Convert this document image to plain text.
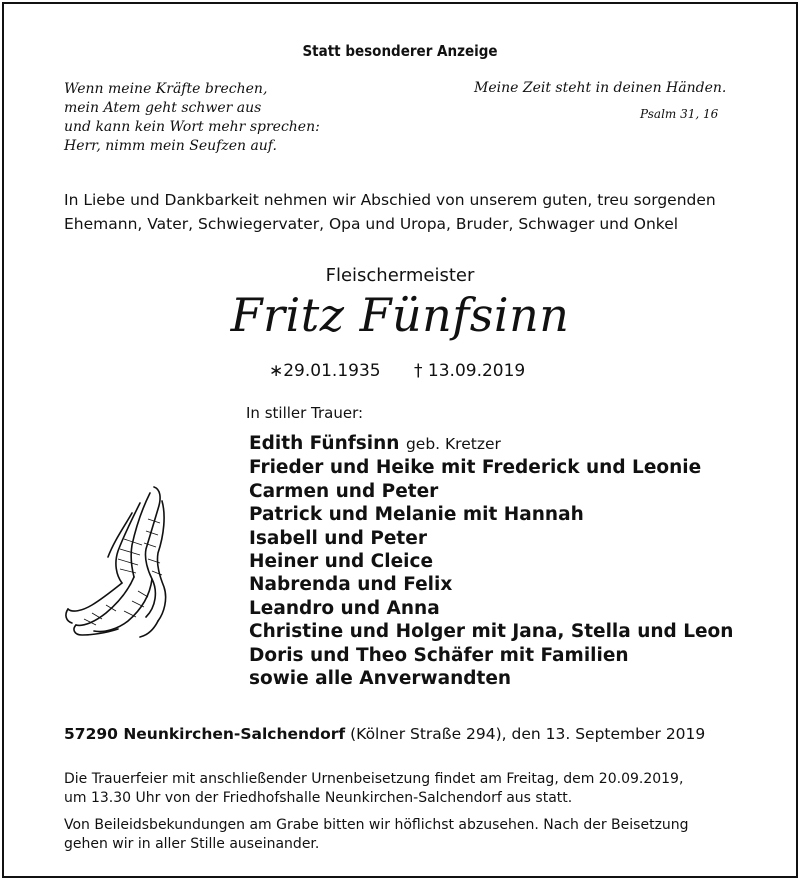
Statt besonderer Anzeige
Wenn meine Kräfte brechen,
mein Atem geht schwer aus
und kann kein Wort mehr sprechen:
Herr, nimm mein Seufzen auf.
Meine Zeit steht in deinen Händen.
Psalm 31, 16
In Liebe und Dankbarkeit nehmen wir Abschied von unserem guten, treu sorgenden
Ehemann, Vater, Schwiegervater, Opa und Uropa, Bruder, Schwager und Onkel
Fleischermeister
Fritz Fünfsinn
∗29.01.1935 † 13.09.2019
In stiller Trauer:
Edith Fünfsinn geb. Kretzer
Frieder und Heike mit Frederick und Leonie
Carmen und Peter
Patrick und Melanie mit Hannah
Isabell und Peter
Heiner und Cleice
Nabrenda und Felix
Leandro und Anna
Christine und Holger mit Jana, Stella und Leon
Doris und Theo Schäfer mit Familien
sowie alle Anverwandten
57290 Neunkirchen-Salchendorf (Kölner Straße 294), den 13. September 2019
Die Trauerfeier mit anschließender Urnenbeisetzung findet am Freitag, dem 20.09.2019,
um 13.30 Uhr von der Friedhofshalle Neunkirchen-Salchendorf aus statt.
Von Beileidsbekundungen am Grabe bitten wir höflichst abzusehen. Nach der Beisetzung
gehen wir in aller Stille auseinander.
